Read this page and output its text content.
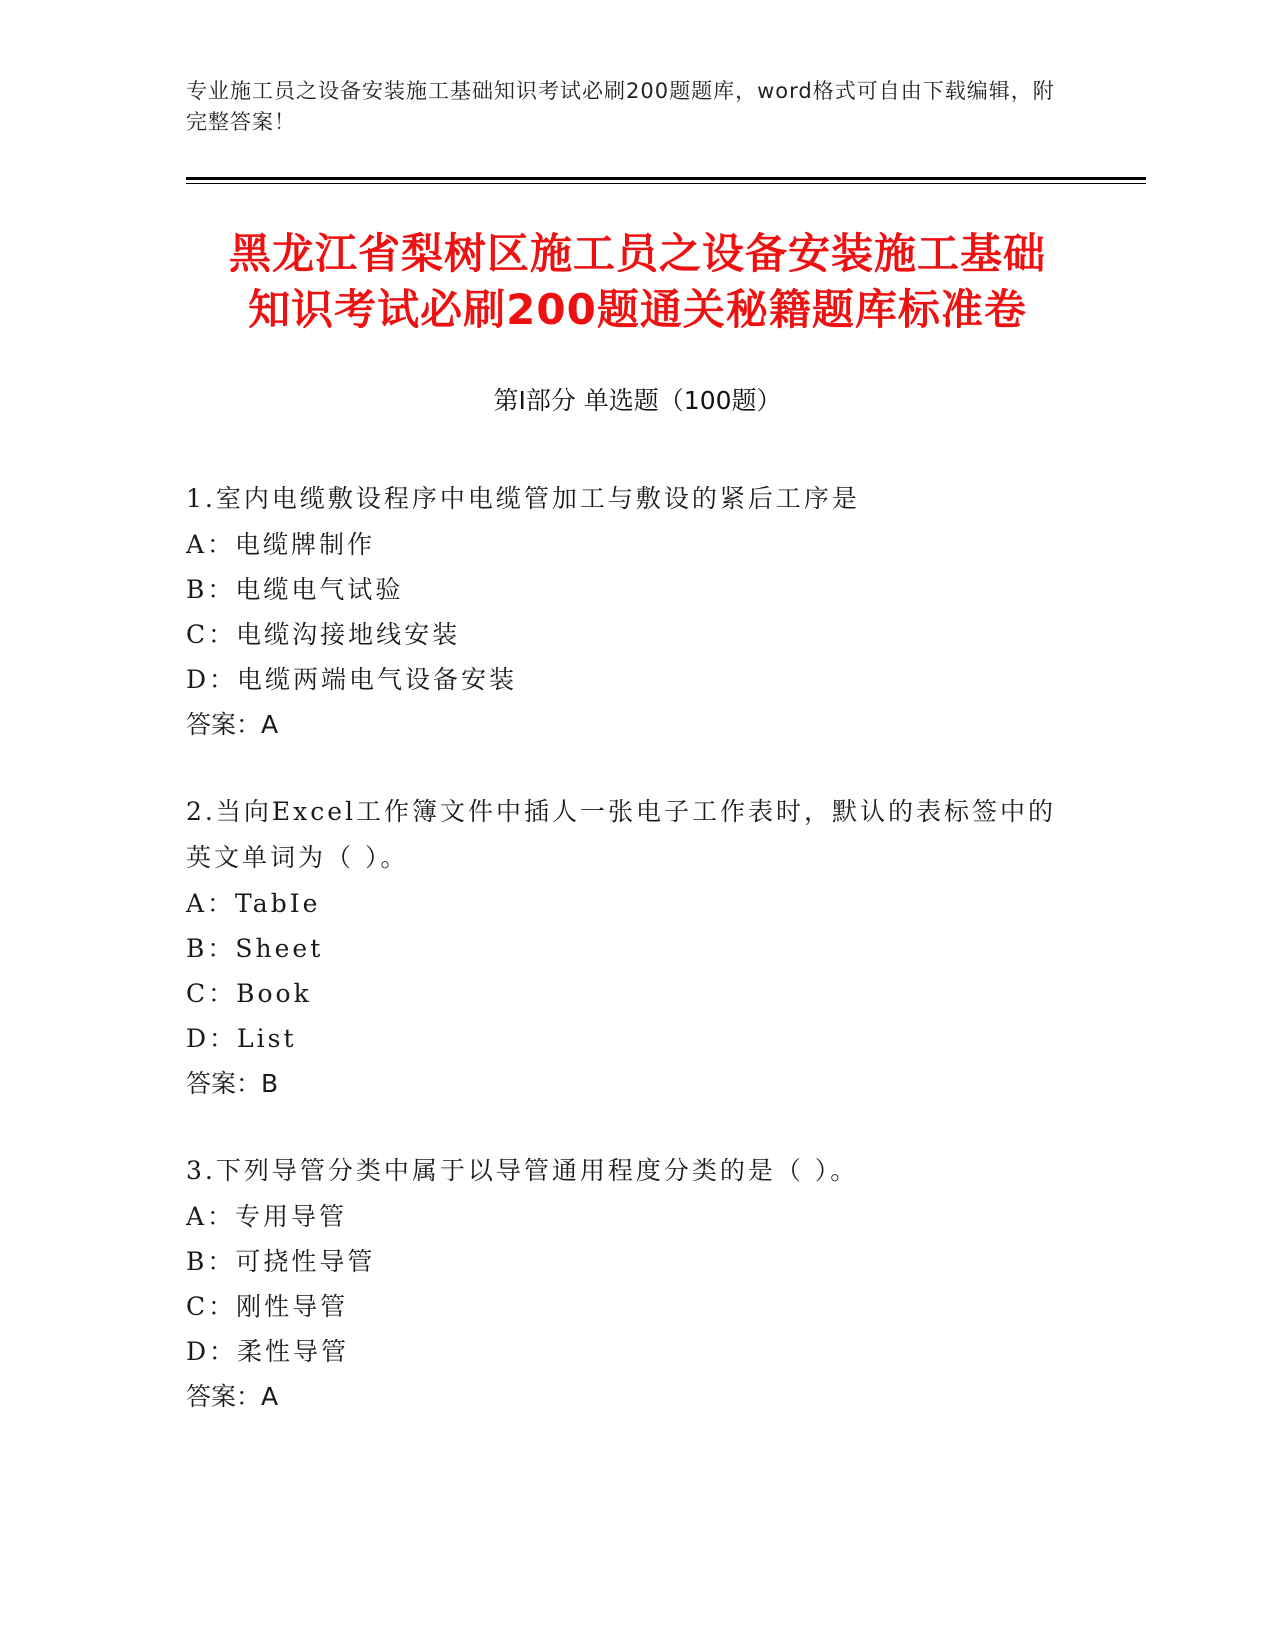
专业施工员之设备安装施工基础知识考试必刷200题题库，word格式可自由下载编辑，附完整答案！
黑龙江省梨树区施工员之设备安装施工基础
知识考试必刷200题通关秘籍题库标准卷
第Ⅰ部分 单选题（100题）

1.室内电缆敷设程序中电缆管加工与敷设的紧后工序是

A：电缆牌制作

B：电缆电气试验

C：电缆沟接地线安装

D：电缆两端电气设备安装

答案：A

2.当向Excel工作簿文件中插人一张电子工作表时，默认的表标签中的英文单词为（ ）。

A：TabIe

B：Sheet

C：Book

D：List

答案：B

3.下列导管分类中属于以导管通用程度分类的是（ ）。

A：专用导管

B：可挠性导管

C：刚性导管

D：柔性导管

答案：A
